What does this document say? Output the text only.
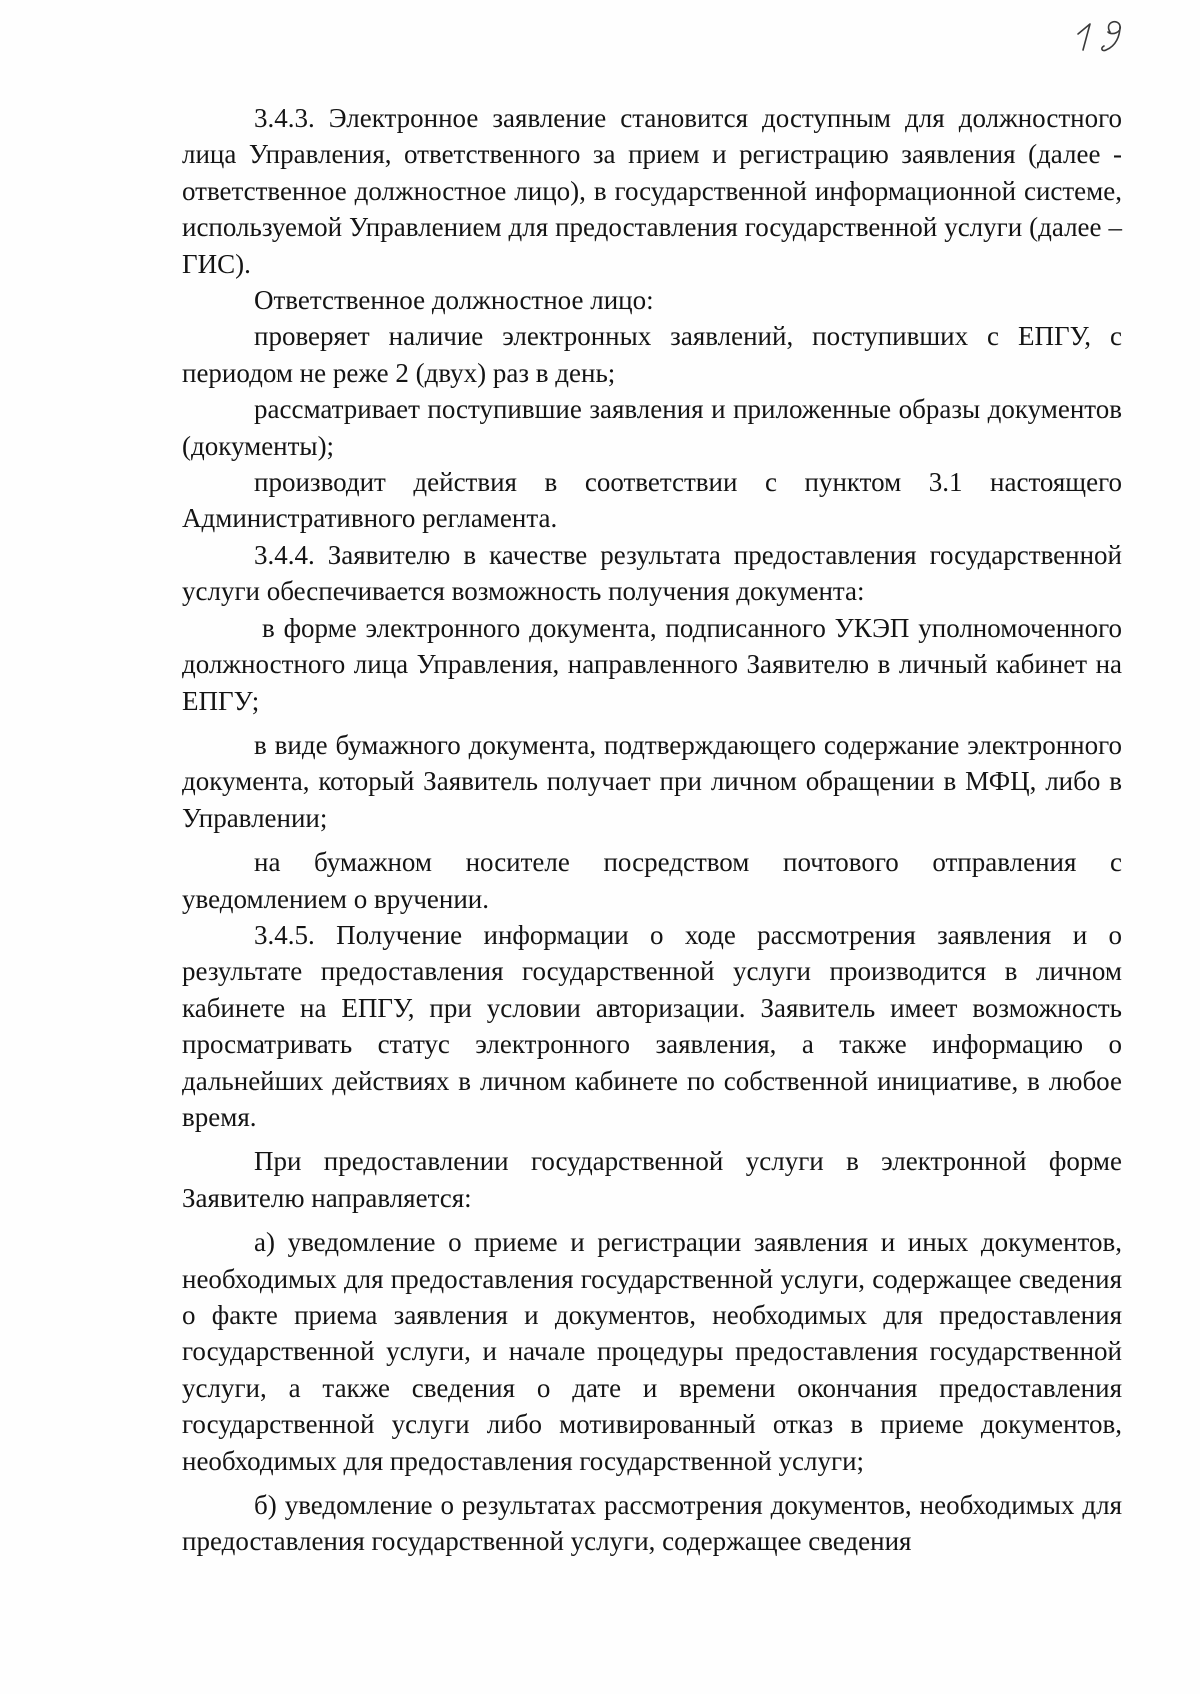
3.4.3. Электронное заявление становится доступным для должностного лица Управления, ответственного за прием и регистрацию заявления (далее - ответственное должностное лицо), в государственной информационной системе, используемой Управлением для предоставления государственной услуги (далее – ГИС).

Ответственное должностное лицо:

проверяет наличие электронных заявлений, поступивших с ЕПГУ, с периодом не реже 2 (двух) раз в день;

рассматривает поступившие заявления и приложенные образы документов (документы);

производит действия в соответствии с пунктом 3.1 настоящего Административного регламента.

3.4.4. Заявителю в качестве результата предоставления государственной услуги обеспечивается возможность получения документа:

в форме электронного документа, подписанного УКЭП уполномоченного должностного лица Управления, направленного Заявителю в личный кабинет на ЕПГУ;

в виде бумажного документа, подтверждающего содержание электронного документа, который Заявитель получает при личном обращении в МФЦ, либо в Управлении;

на бумажном носителе посредством почтового отправления с уведомлением о вручении.

3.4.5. Получение информации о ходе рассмотрения заявления и о результате предоставления государственной услуги производится в личном кабинете на ЕПГУ, при условии авторизации. Заявитель имеет возможность просматривать статус электронного заявления, а также информацию о дальнейших действиях в личном кабинете по собственной инициативе, в любое время.

При предоставлении государственной услуги в электронной форме Заявителю направляется:

а) уведомление о приеме и регистрации заявления и иных документов, необходимых для предоставления государственной услуги, содержащее сведения о факте приема заявления и документов, необходимых для предоставления государственной услуги, и начале процедуры предоставления государственной услуги, а также сведения о дате и времени окончания предоставления государственной услуги либо мотивированный отказ в приеме документов, необходимых для предоставления государственной услуги;

б) уведомление о результатах рассмотрения документов, необходимых для предоставления государственной услуги, содержащее сведения
